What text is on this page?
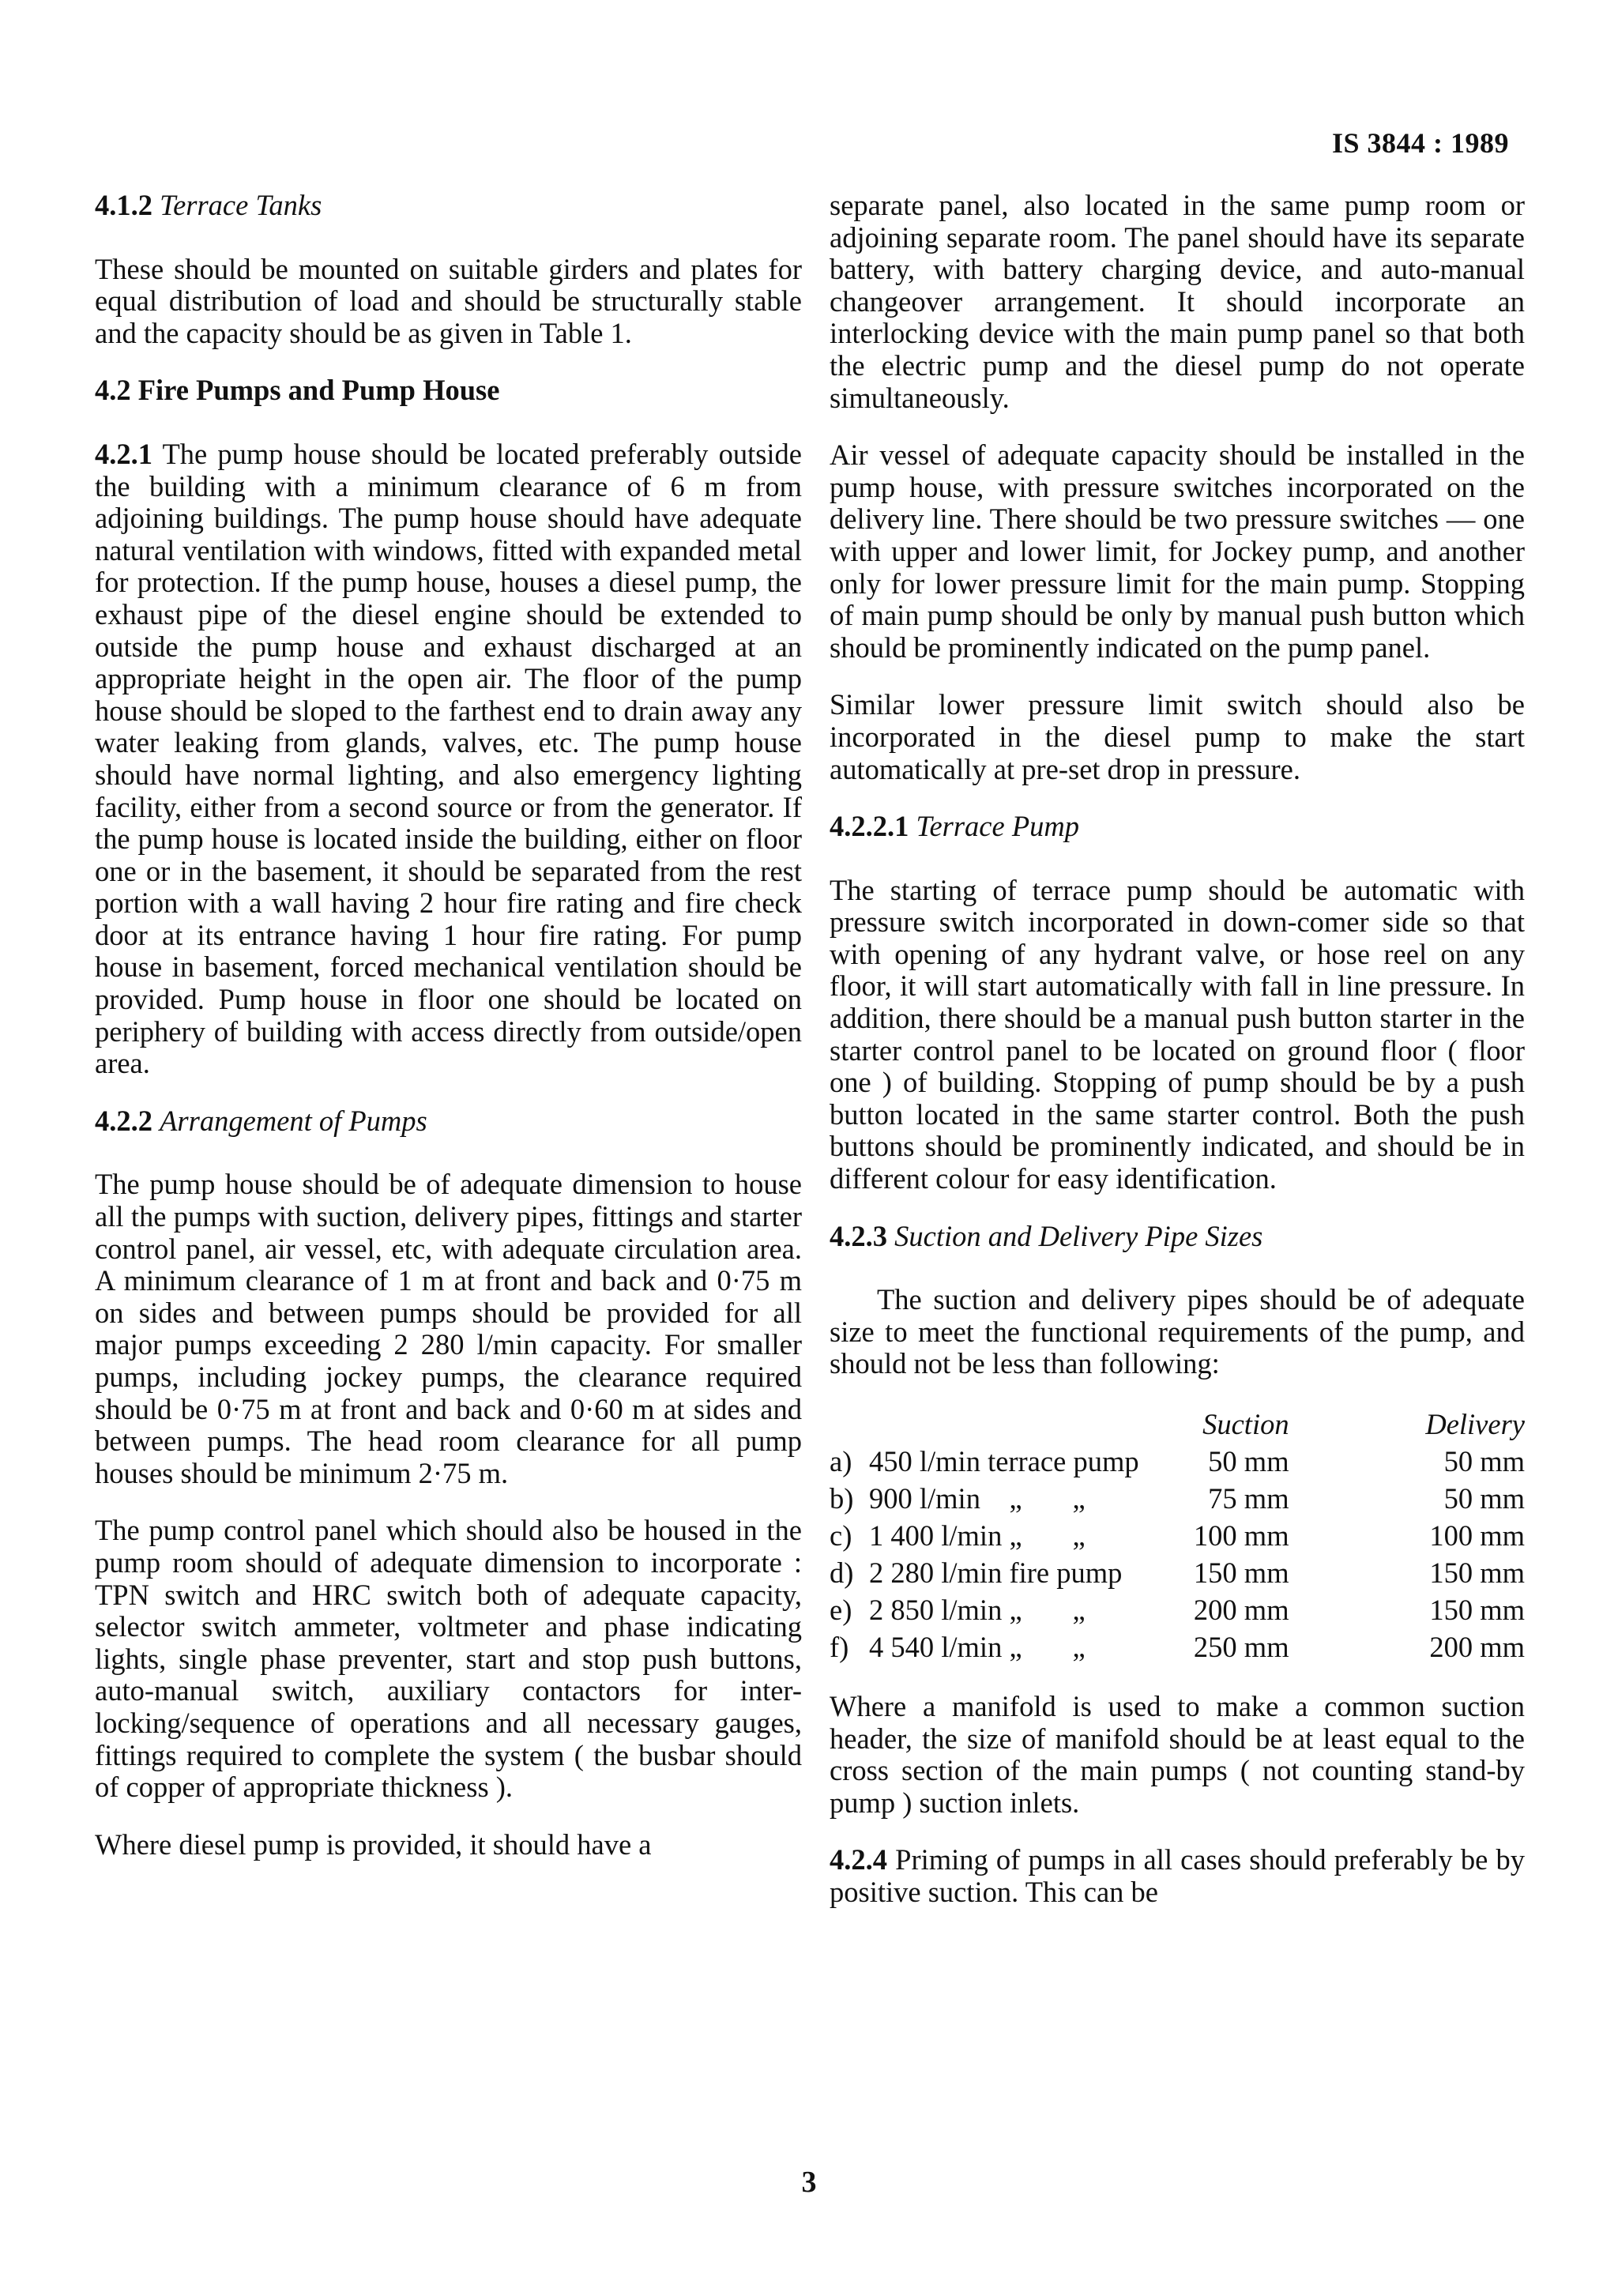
IS 3844 : 1989

4.1.2 Terrace Tanks

These should be mounted on suitable girders and plates for equal distribution of load and should be structurally stable and the capacity should be as given in Table 1.

4.2 Fire Pumps and Pump House

4.2.1 The pump house should be located preferably outside the building with a minimum clearance of 6 m from adjoining buildings. The pump house should have adequate natural ventilation with windows, fitted with expanded metal for protection. If the pump house, houses a diesel pump, the exhaust pipe of the diesel engine should be extended to outside the pump house and exhaust discharged at an appropriate height in the open air. The floor of the pump house should be sloped to the farthest end to drain away any water leaking from glands, valves, etc. The pump house should have normal lighting, and also emergency lighting facility, either from a second source or from the generator. If the pump house is located inside the building, either on floor one or in the basement, it should be separated from the rest portion with a wall having 2 hour fire rating and fire check door at its entrance having 1 hour fire rating. For pump house in basement, forced mechanical ventilation should be provided. Pump house in floor one should be located on periphery of building with access directly from outside/open area.

4.2.2 Arrangement of Pumps

The pump house should be of adequate dimension to house all the pumps with suction, delivery pipes, fittings and starter control panel, air vessel, etc, with adequate circulation area. A minimum clearance of 1 m at front and back and 0·75 m on sides and between pumps should be provided for all major pumps exceeding 2 280 l/min capacity. For smaller pumps, including jockey pumps, the clearance required should be 0·75 m at front and back and 0·60 m at sides and between pumps. The head room clearance for all pump houses should be minimum 2·75 m.

The pump control panel which should also be housed in the pump room should of adequate dimension to incorporate : TPN switch and HRC switch both of adequate capacity, selector switch ammeter, voltmeter and phase indicating lights, single phase preventer, start and stop push buttons, auto-manual switch, auxiliary contactors for inter-locking/sequence of operations and all necessary gauges, fittings required to complete the system ( the busbar should of copper of appropriate thickness ).

Where diesel pump is provided, it should have a

separate panel, also located in the same pump room or adjoining separate room. The panel should have its separate battery, with battery charging device, and auto-manual changeover arrangement. It should incorporate an interlocking device with the main pump panel so that both the electric pump and the diesel pump do not operate simultaneously.

Air vessel of adequate capacity should be installed in the pump house, with pressure switches incorporated on the delivery line. There should be two pressure switches — one with upper and lower limit, for Jockey pump, and another only for lower pressure limit for the main pump. Stopping of main pump should be only by manual push button which should be prominently indicated on the pump panel.

Similar lower pressure limit switch should also be incorporated in the diesel pump to make the start automatically at pre-set drop in pressure.

4.2.2.1 Terrace Pump

The starting of terrace pump should be automatic with pressure switch incorporated in down-comer side so that with opening of any hydrant valve, or hose reel on any floor, it will start automatically with fall in line pressure. In addition, there should be a manual push button starter in the starter control panel to be located on ground floor ( floor one ) of building. Stopping of pump should be by a push button located in the same starter control. Both the push buttons should be prominently indicated, and should be in different colour for easy identification.

4.2.3 Suction and Delivery Pipe Sizes

The suction and delivery pipes should be of adequate size to meet the functional requirements of the pump, and should not be less than following:

		Suction	Delivery
a)	450 l/min terrace pump	50 mm	50 mm
b)	900 l/min    „       „	75 mm	50 mm
c)	1 400 l/min „       „	100 mm	100 mm
d)	2 280 l/min fire pump	150 mm	150 mm
e)	2 850 l/min „       „	200 mm	150 mm
f)	4 540 l/min „       „	250 mm	200 mm

Where a manifold is used to make a common suction header, the size of manifold should be at least equal to the cross section of the main pumps ( not counting stand-by pump ) suction inlets.

4.2.4 Priming of pumps in all cases should preferably be by positive suction. This can be

3
